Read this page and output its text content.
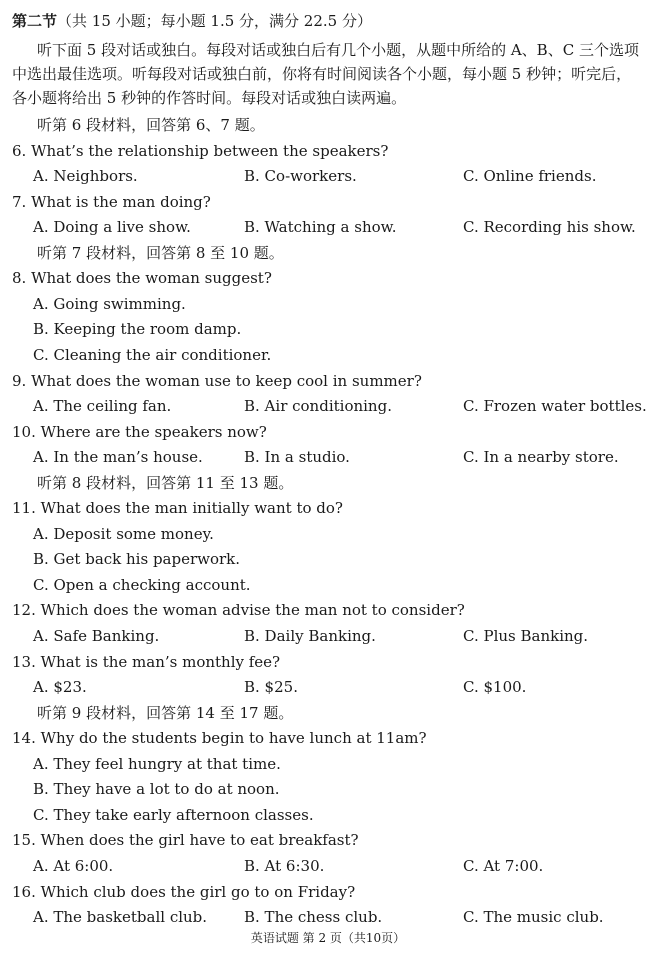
第二节（共 15 小题；每小题 1.5 分，满分 22.5 分）
听下面 5 段对话或独白。每段对话或独白后有几个小题，从题中所给的 A、B、C 三个选项中选出最佳选项。听每段对话或独白前，你将有时间阅读各个小题，每小题 5 秒钟；听完后，各小题将给出 5 秒钟的作答时间。每段对话或独白读两遍。
听第 6 段材料，回答第 6、7 题。
6. What’s the relationship between the speakers?
A. Neighbors.	B. Co-workers.	C. Online friends.
7. What is the man doing?
A. Doing a live show.	B. Watching a show.	C. Recording his show.
听第 7 段材料，回答第 8 至 10 题。
8. What does the woman suggest?
A. Going swimming.
B. Keeping the room damp.
C. Cleaning the air conditioner.
9. What does the woman use to keep cool in summer?
A. The ceiling fan.	B. Air conditioning.	C. Frozen water bottles.
10. Where are the speakers now?
A. In the man’s house.	B. In a studio.	C. In a nearby store.
听第 8 段材料，回答第 11 至 13 题。
11. What does the man initially want to do?
A. Deposit some money.
B. Get back his paperwork.
C. Open a checking account.
12. Which does the woman advise the man not to consider?
A. Safe Banking.	B. Daily Banking.	C. Plus Banking.
13. What is the man’s monthly fee?
A. $23.	B. $25.	C. $100.
听第 9 段材料，回答第 14 至 17 题。
14. Why do the students begin to have lunch at 11am?
A. They feel hungry at that time.
B. They have a lot to do at noon.
C. They take early afternoon classes.
15. When does the girl have to eat breakfast?
A. At 6:00.	B. At 6:30.	C. At 7:00.
16. Which club does the girl go to on Friday?
A. The basketball club. B. The chess club.	C. The music club.
英语试题 第 2 页（共10页）
